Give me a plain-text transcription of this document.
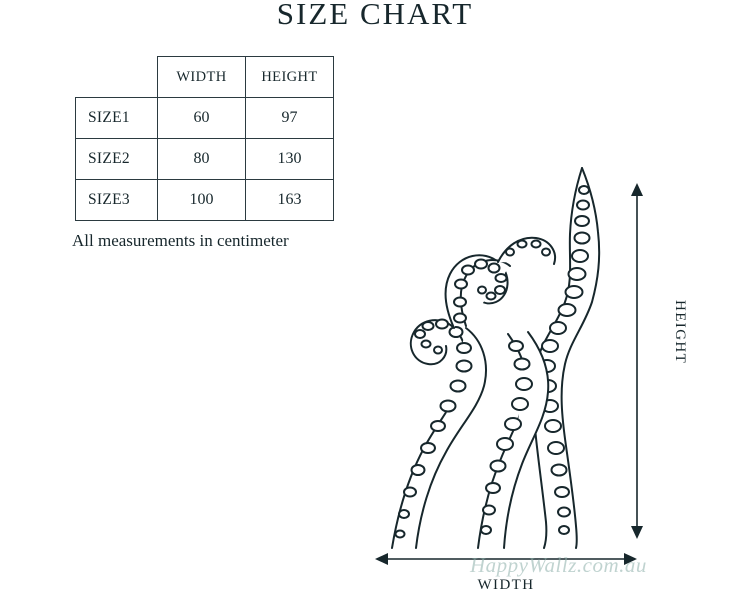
SIZE CHART
	WIDTH	HEIGHT
SIZE1	60	97
SIZE2	80	130
SIZE3	100	163
All measurements in centimeter
HEIGHT
WIDTH
HappyWallz.com.au
